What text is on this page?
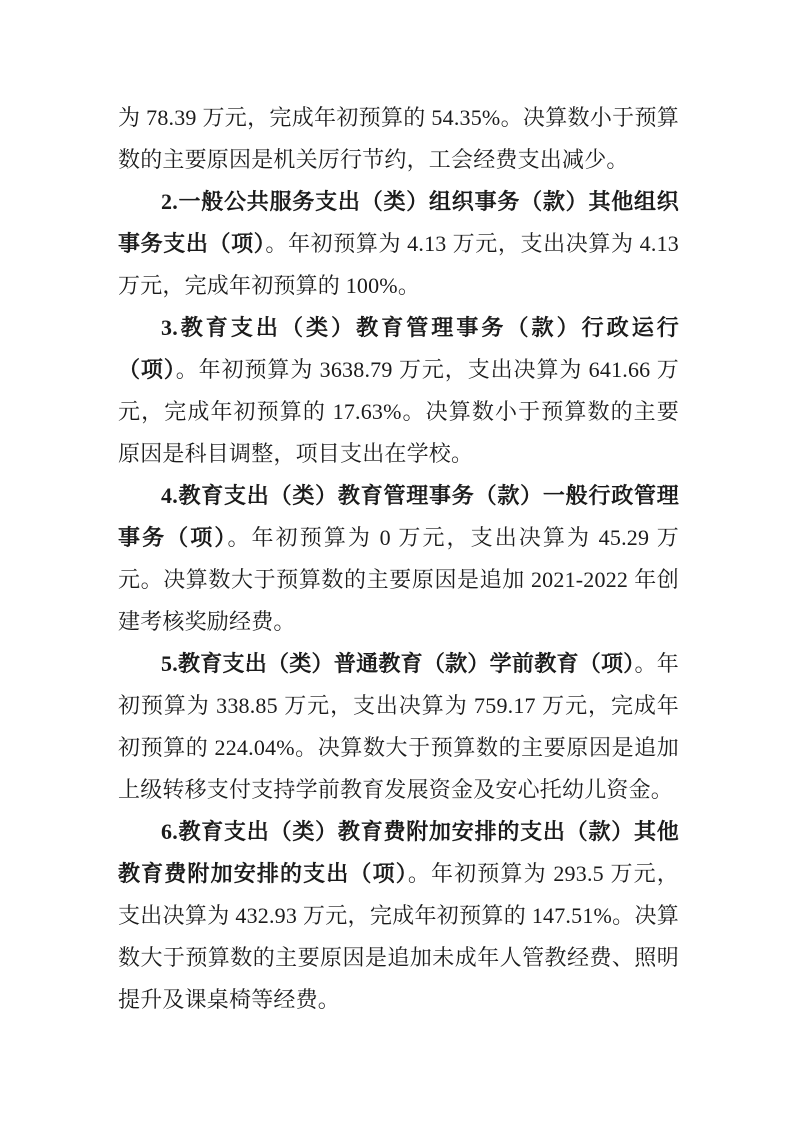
为 78.39 万元，完成年初预算的 54.35%。决算数小于预算数的主要原因是机关厉行节约，工会经费支出减少。

2.一般公共服务支出（类）组织事务（款）其他组织事务支出（项）。年初预算为 4.13 万元，支出决算为 4.13 万元，完成年初预算的 100%。

3.教育支出（类）教育管理事务（款）行政运行（项）。年初预算为 3638.79 万元，支出决算为 641.66 万元，完成年初预算的 17.63%。决算数小于预算数的主要原因是科目调整，项目支出在学校。

4.教育支出（类）教育管理事务（款）一般行政管理事务（项）。年初预算为 0 万元，支出决算为 45.29 万元。决算数大于预算数的主要原因是追加 2021-2022 年创建考核奖励经费。

5.教育支出（类）普通教育（款）学前教育（项）。年初预算为 338.85 万元，支出决算为 759.17 万元，完成年初预算的 224.04%。决算数大于预算数的主要原因是追加上级转移支付支持学前教育发展资金及安心托幼儿资金。

6.教育支出（类）教育费附加安排的支出（款）其他教育费附加安排的支出（项）。年初预算为 293.5 万元，支出决算为 432.93 万元，完成年初预算的 147.51%。决算数大于预算数的主要原因是追加未成年人管教经费、照明提升及课桌椅等经费。
